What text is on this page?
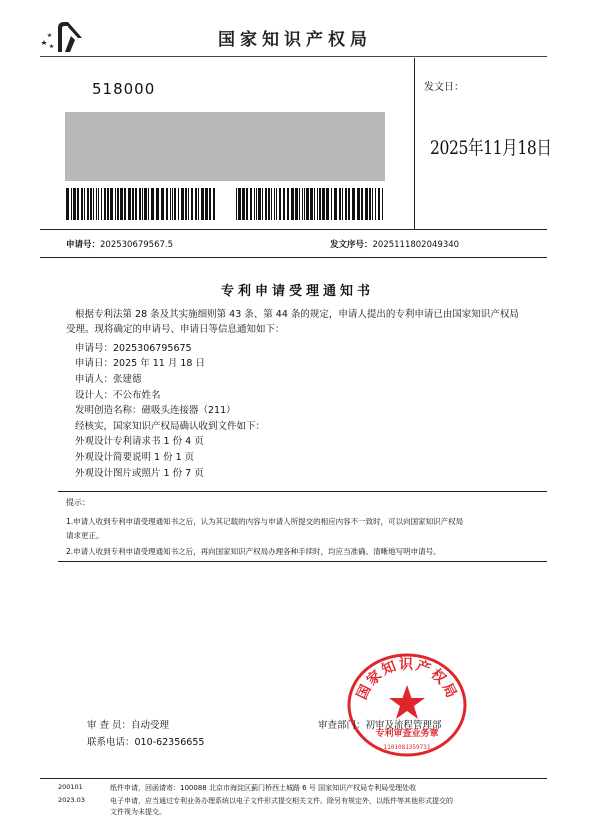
国家知识产权局
518000	发文日：
2025年11月18日
申请号：202530679567.5	发文序号：2025111802049340
专利申请受理通知书
根据专利法第 28 条及其实施细则第 43 条、第 44 条的规定，申请人提出的专利申请已由国家知识产权局
受理。现将确定的申请号、申请日等信息通知如下：
申请号：2025306795675
申请日：2025 年 11 月 18 日
申请人：张建德
设计人：不公布姓名
发明创造名称：磁吸头连接器（211）
经核实，国家知识产权局确认收到文件如下：
外观设计专利请求书 1 份 4 页
外观设计简要说明 1 份 1 页
外观设计图片或照片 1 份 7 页
提示：
1.申请人收到专利申请受理通知书之后，认为其记载的内容与申请人所提交的相应内容不一致时，可以向国家知识产权局
请求更正。
2.申请人收到专利申请受理通知书之后，再向国家知识产权局办理各种手续时，均应当准确、清晰地写明申请号。
国家知识产权局
专利审查业务章
1101081359731
审 查 员：自动受理
联系电话：010-62356655
审查部门：初审及流程管理部
200101
2023.03
纸件申请，回函请寄：100088 北京市海淀区蓟门桥西土城路 6 号 国家知识产权局专利局受理处收
电子申请，应当通过专利业务办理系统以电子文件形式提交相关文件。除另有规定外，以纸件等其他形式提交的
文件视为未提交。
